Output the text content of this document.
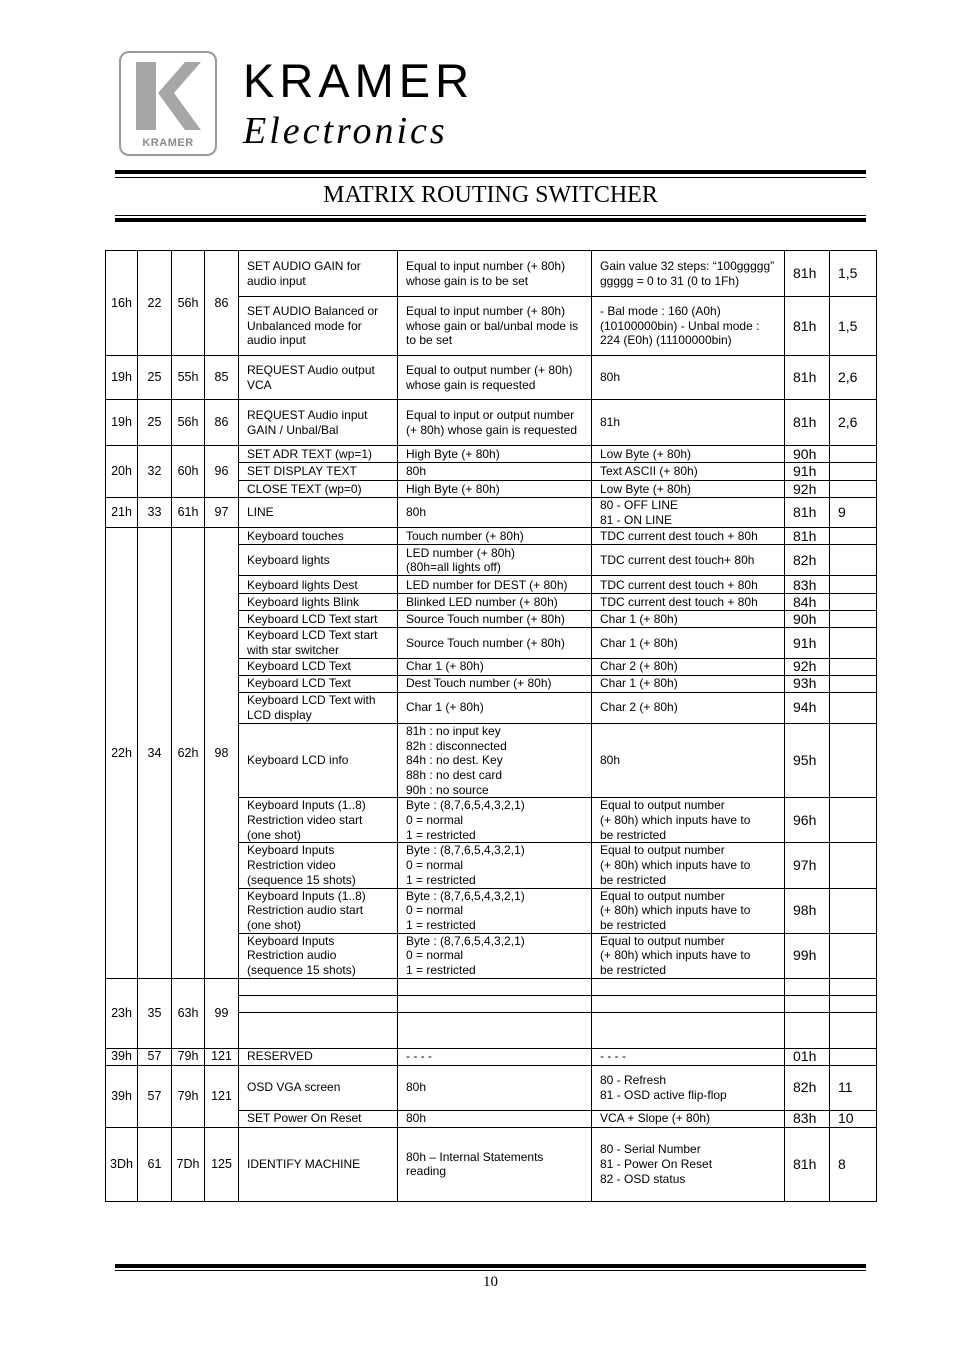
KRAMER
KRAMER
Electronics
MATRIX ROUTING SWITCHER
16h	22	56h	86	SET AUDIO GAIN for audio input	Equal to input number (+ 80h) whose gain is to be set	Gain value 32 steps: “100ggggg” ggggg = 0 to 31 (0 to 1Fh)	81h	1,5
				SET AUDIO Balanced or Unbalanced mode for audio input	Equal to input number (+ 80h) whose gain or bal/unbal mode is to be set	- Bal mode : 160 (A0h) (10100000bin) - Unbal mode : 224 (E0h) (11100000bin)	81h	1,5
19h	25	55h	85	REQUEST Audio output VCA	Equal to output number (+ 80h) whose gain is requested	80h	81h	2,6
19h	25	56h	86	REQUEST Audio input GAIN / Unbal/Bal	Equal to input or output number (+ 80h) whose gain is requested	81h	81h	2,6
20h	32	60h	96	SET ADR TEXT (wp=1)	High Byte (+ 80h)	Low Byte (+ 80h)	90h	
				SET DISPLAY TEXT	80h	Text ASCII (+ 80h)	91h	
				CLOSE TEXT (wp=0)	High Byte (+ 80h)	Low Byte (+ 80h)	92h	
21h	33	61h	97	LINE	80h	80 - OFF LINE
81 - ON LINE	81h	9
22h	34	62h	98	Keyboard touches	Touch number (+ 80h)	TDC current dest touch + 80h	81h	
				Keyboard lights	LED number (+ 80h)
(80h=all lights off)	TDC current dest touch+ 80h	82h	
				Keyboard lights Dest	LED number for DEST (+ 80h)	TDC current dest touch + 80h	83h	
				Keyboard lights Blink	Blinked LED number (+ 80h)	TDC current dest touch + 80h	84h	
				Keyboard LCD Text start	Source Touch number (+ 80h)	Char 1 (+ 80h)	90h	
				Keyboard LCD Text start
with star switcher	Source Touch number (+ 80h)	Char 1 (+ 80h)	91h	
				Keyboard LCD Text	Char 1 (+ 80h)	Char 2 (+ 80h)	92h	
				Keyboard LCD Text	Dest Touch number (+ 80h)	Char 1 (+ 80h)	93h	
				Keyboard LCD Text with
LCD display	Char 1 (+ 80h)	Char 2 (+ 80h)	94h	
				Keyboard LCD info	81h : no input key
82h : disconnected
84h : no dest. Key
88h : no dest card
90h : no source	80h	95h	
				Keyboard Inputs (1..8)
Restriction video start
(one shot)	Byte : (8,7,6,5,4,3,2,1)
0 = normal
1 = restricted	Equal to output number
(+ 80h) which inputs have to
be restricted	96h	
				Keyboard Inputs
Restriction video
(sequence 15 shots)	Byte : (8,7,6,5,4,3,2,1)
0 = normal
1 = restricted	Equal to output number
(+ 80h) which inputs have to
be restricted	97h	
				Keyboard Inputs (1..8)
Restriction audio start
(one shot)	Byte : (8,7,6,5,4,3,2,1)
0 = normal
1 = restricted	Equal to output number
(+ 80h) which inputs have to
be restricted	98h	
				Keyboard Inputs
Restriction audio
(sequence 15 shots)	Byte : (8,7,6,5,4,3,2,1)
0 = normal
1 = restricted	Equal to output number
(+ 80h) which inputs have to
be restricted	99h	
23h	35	63h	99					

39h	57	79h	121	RESERVED	- - - -	- - - -	01h	
39h	57	79h	121	OSD VGA screen	80h	80 - Refresh
81 - OSD active flip-flop	82h	11
				SET Power On Reset	80h	VCA + Slope (+ 80h)	83h	10
3Dh	61	7Dh	125	IDENTIFY MACHINE	80h – Internal Statements
reading	80 - Serial Number
81 - Power On Reset
82 - OSD status	81h	8
10
